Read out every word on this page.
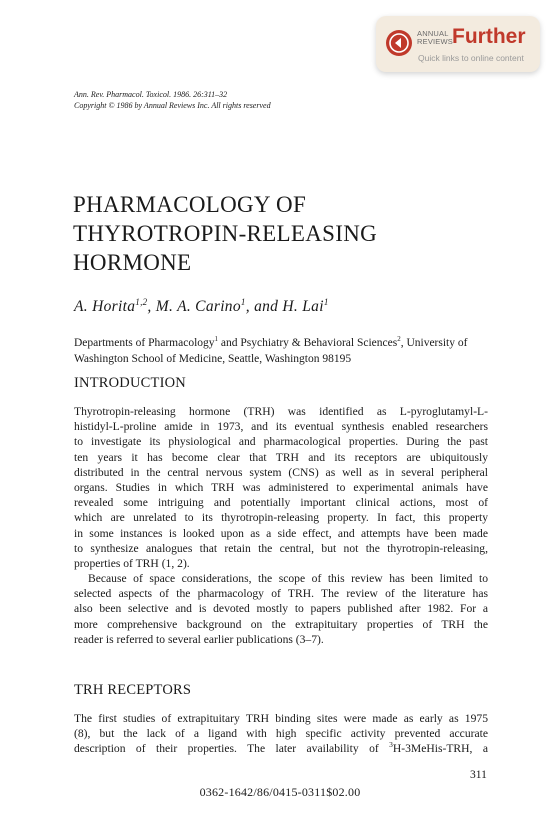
ANNUAL
REVIEWS Further
Quick links to online content
Ann. Rev. Pharmacol. Toxicol. 1986. 26:311–32
Copyright © 1986 by Annual Reviews Inc. All rights reserved
PHARMACOLOGY OF
THYROTROPIN-RELEASING
HORMONE
A. Horita$^{1,2}$, M. A. Carino$^1$, and H. Lai$^1$
Departments of Pharmacology$^1$ and Psychiatry & Behavioral Sciences$^2$, University of
Washington School of Medicine, Seattle, Washington 98195
INTRODUCTION
Thyrotropin-releasing hormone (TRH) was identified as L-pyroglutamyl-L-
histidyl-L-proline amide in 1973, and its eventual synthesis enabled researchers
to investigate its physiological and pharmacological properties. During the past
ten years it has become clear that TRH and its receptors are ubiquitously
distributed in the central nervous system (CNS) as well as in several peripheral
organs. Studies in which TRH was administered to experimental animals have
revealed some intriguing and potentially important clinical actions, most of
which are unrelated to its thyrotropin-releasing property. In fact, this property
in some instances is looked upon as a side effect, and attempts have been made
to synthesize analogues that retain the central, but not the thyrotropin-releasing,
properties of TRH (1, 2).
Because of space considerations, the scope of this review has been limited to
selected aspects of the pharmacology of TRH. The review of the literature has
also been selective and is devoted mostly to papers published after 1982. For a
more comprehensive background on the extrapituitary properties of TRH the
reader is referred to several earlier publications (3–7).
TRH RECEPTORS
The first studies of extrapituitary TRH binding sites were made as early as 1975
(8), but the lack of a ligand with high specific activity prevented accurate
description of their properties. The later availability of $^3$H-3MeHis-TRH, a
311
0362-1642/86/0415-0311$02.00
